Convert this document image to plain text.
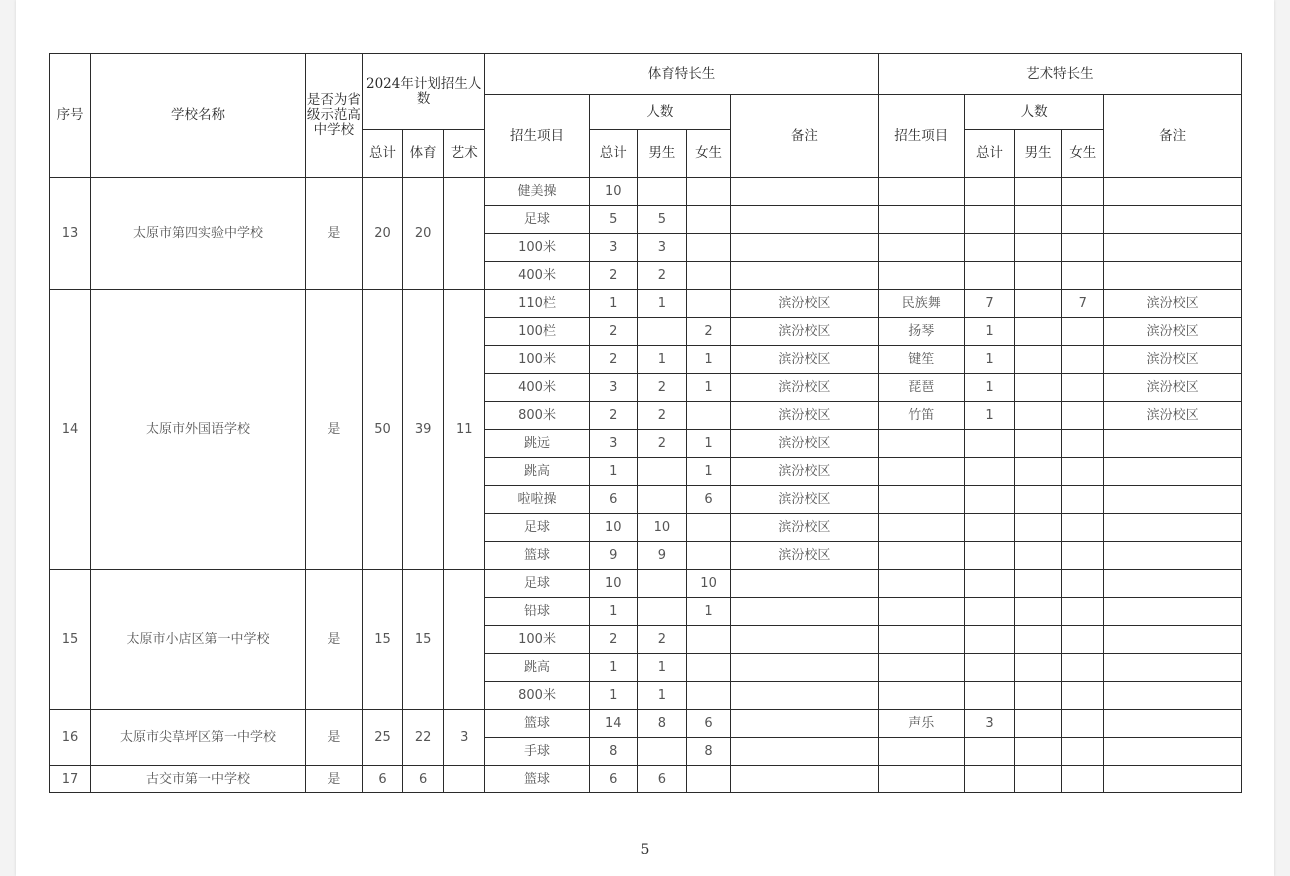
序号	学校名称	是否为省级示范高中学校	2024年计划招生人数			体育特长生					艺术特长生				
						招生项目	人数			备注	招生项目	人数			备注
			总计	体育	艺术		总计	男生	女生			总计	男生	女生	
13	太原市第四实验中学校	是	20	20		健美操	10								
						足球	5	5							
						100米	3	3							
						400米	2	2							
14	太原市外国语学校	是	50	39	11	110栏	1	1		滨汾校区	民族舞	7		7	滨汾校区
						100栏	2		2	滨汾校区	扬琴	1			滨汾校区
						100米	2	1	1	滨汾校区	键笙	1			滨汾校区
						400米	3	2	1	滨汾校区	琵琶	1			滨汾校区
						800米	2	2		滨汾校区	竹笛	1			滨汾校区
						跳远	3	2	1	滨汾校区					
						跳高	1		1	滨汾校区					
						啦啦操	6		6	滨汾校区					
						足球	10	10		滨汾校区					
						篮球	9	9		滨汾校区					
15	太原市小店区第一中学校	是	15	15		足球	10		10						
						铅球	1		1						
						100米	2	2							
						跳高	1	1							
						800米	1	1							
16	太原市尖草坪区第一中学校	是	25	22	3	篮球	14	8	6		声乐	3			
						手球	8		8						
17	古交市第一中学校	是	6	6		篮球	6	6							
5
